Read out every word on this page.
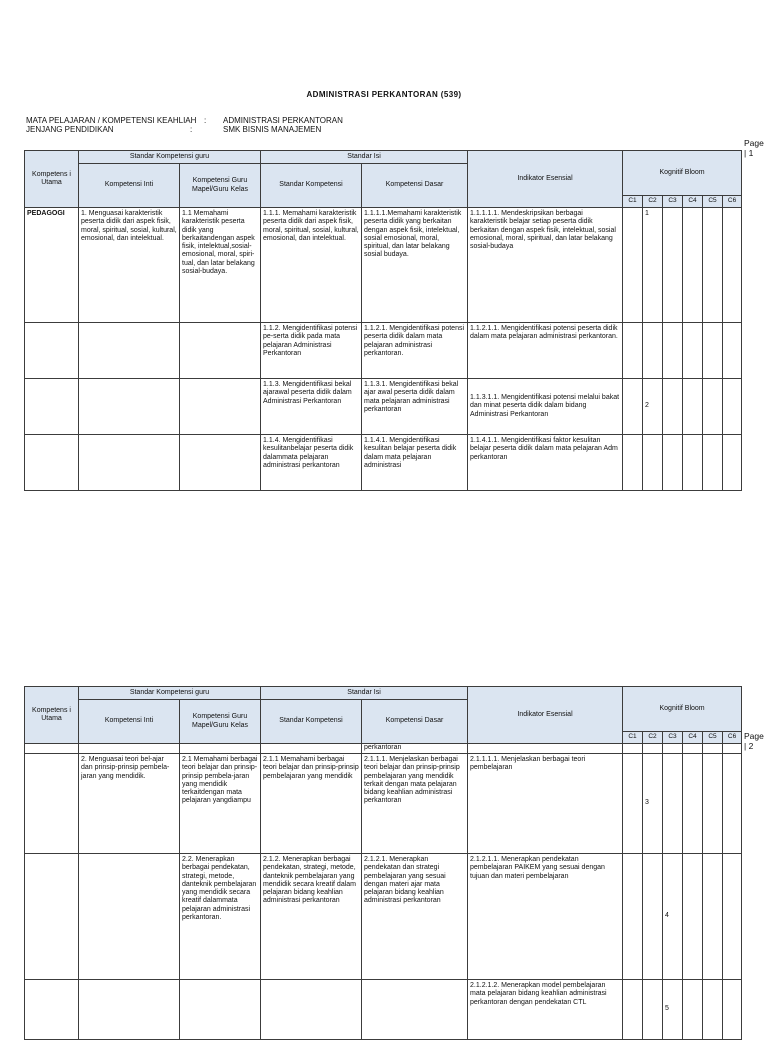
ADMINISTRASI PERKANTORAN (539)
MATA PELAJARAN / KOMPETENSI KEAHLIAH : ADMINISTRASI PERKANTORAN
JENJANG PENDIDIKAN	:	SMK BISNIS MANAJEMEN
Page
| 1
Page
| 2
Kompetens i Utama	Standar Kompetensi guru		Standar Isi		Indikator Esensial	Kognitif Bloom					
	Kompetensi Inti	Kompetensi Guru Mapel/Guru Kelas	Standar Kompetensi	Kompetensi Dasar							
						C1	C2	C3	C4	C5	C6
PEDAGOGI	1. Menguasai karakteristik peserta didik dari aspek fisik, moral, spiritual, sosial, kultural, emosional, dan intelektual.	1.1 Memahami karakteristik peserta didik yang berkaitandengan aspek fisik, intelektual,sosial-emosional, moral, spiri-tual, dan latar belakang sosial-budaya.	1.1.1. Memahami karakteristik peserta didik dari aspek fisik, moral, spiritual, sosial, kultural, emosional, dan intelektual.	1.1.1.1.Memahami karakteristik peserta didik yang berkaitan dengan aspek fisik, intelektual, sosial emosional, moral, spiritual, dan latar belakang sosial budaya.	1.1.1.1.1. Mendeskripsikan berbagai karakteristik belajar setiap peserta didik berkaitan dengan aspek fisik, intelektual, sosial emosional, moral, spiritual, dan latar belakang sosial-budaya		1				
			1.1.2. Mengidentifikasi potensi pe-serta didik pada mata pelajaran Administrasi Perkantoran	1.1.2.1. Mengidentifikasi potensi peserta didik dalam mata pelajaran administrasi perkantoran.	1.1.2.1.1. Mengidentifikasi potensi peserta didik dalam mata pelajaran administrasi perkantoran.						
			1.1.3. Mengidentifikasi bekal ajarawal peserta didik dalam Administrasi Perkantoran	1.1.3.1. Mengidentifikasi bekal ajar awal peserta didik dalam mata pelajaran administrasi perkantoran	1.1.3.1.1. Mengidentifikasi potensi melalui bakat dan minat peserta didik dalam bidang Administrasi Perkantoran		2				
			1.1.4. Mengidentifikasi kesulitanbelajar peserta didik dalammata pelajaran administrasi perkantoran	1.1.4.1. Mengidentifikasi kesulitan belajar peserta didik dalam mata pelajaran administrasi	1.1.4.1.1. Mengidentifikasi faktor kesulitan belajar peserta didik dalam mata pelajaran Adm perkantoran						
Kompetens i Utama	Standar Kompetensi guru		Standar Isi		Indikator Esensial	Kognitif Bloom					
	Kompetensi Inti	Kompetensi Guru Mapel/Guru Kelas	Standar Kompetensi	Kompetensi Dasar							
						C1	C2	C3	C4	C5	C6
				perkantoran							
	2. Menguasai teori bel-ajar dan prinsip-prinsip pembela-jaran yang mendidik.	2.1 Memahami berbagai teori belajar dan prinsip-prinsip pembela-jaran yang mendidik terkaitdengan mata pelajaran yangdiampu	2.1.1 Memahami berbagai teori belajar dan prinsip-prinsip pembelajaran yang mendidik	2.1.1.1. Menjelaskan berbagai teori belajar dan prinsip-prinsip pembelajaran yang mendidik terkait dengan mata pelajaran bidang keahlian administrasi perkantoran	2.1.1.1.1. Menjelaskan berbagai teori pembelajaran		3				
		2.2. Menerapkan berbagai pendekatan, strategi, metode, danteknik pembelajaran yang mendidik secara kreatif dalammata pelajaran administrasi perkantoran.	2.1.2. Menerapkan berbagai pendekatan, strategi, metode, danteknik pembelajaran yang mendidik secara kreatif dalam pelajaran bidang keahlian administrasi perkantoran	2.1.2.1. Menerapkan pendekatan dan strategi pembelajaran yang sesuai dengan materi ajar mata pelajaran bidang keahlian administrasi perkantoran	2.1.2.1.1. Menerapkan pendekatan pembelajaran PAIKEM yang sesuai dengan tujuan dan materi pembelajaran			4			
					2.1.2.1.2. Menerapkan model pembelajaran mata pelajaran bidang keahlian administrasi perkantoran dengan pendekatan CTL			5			
